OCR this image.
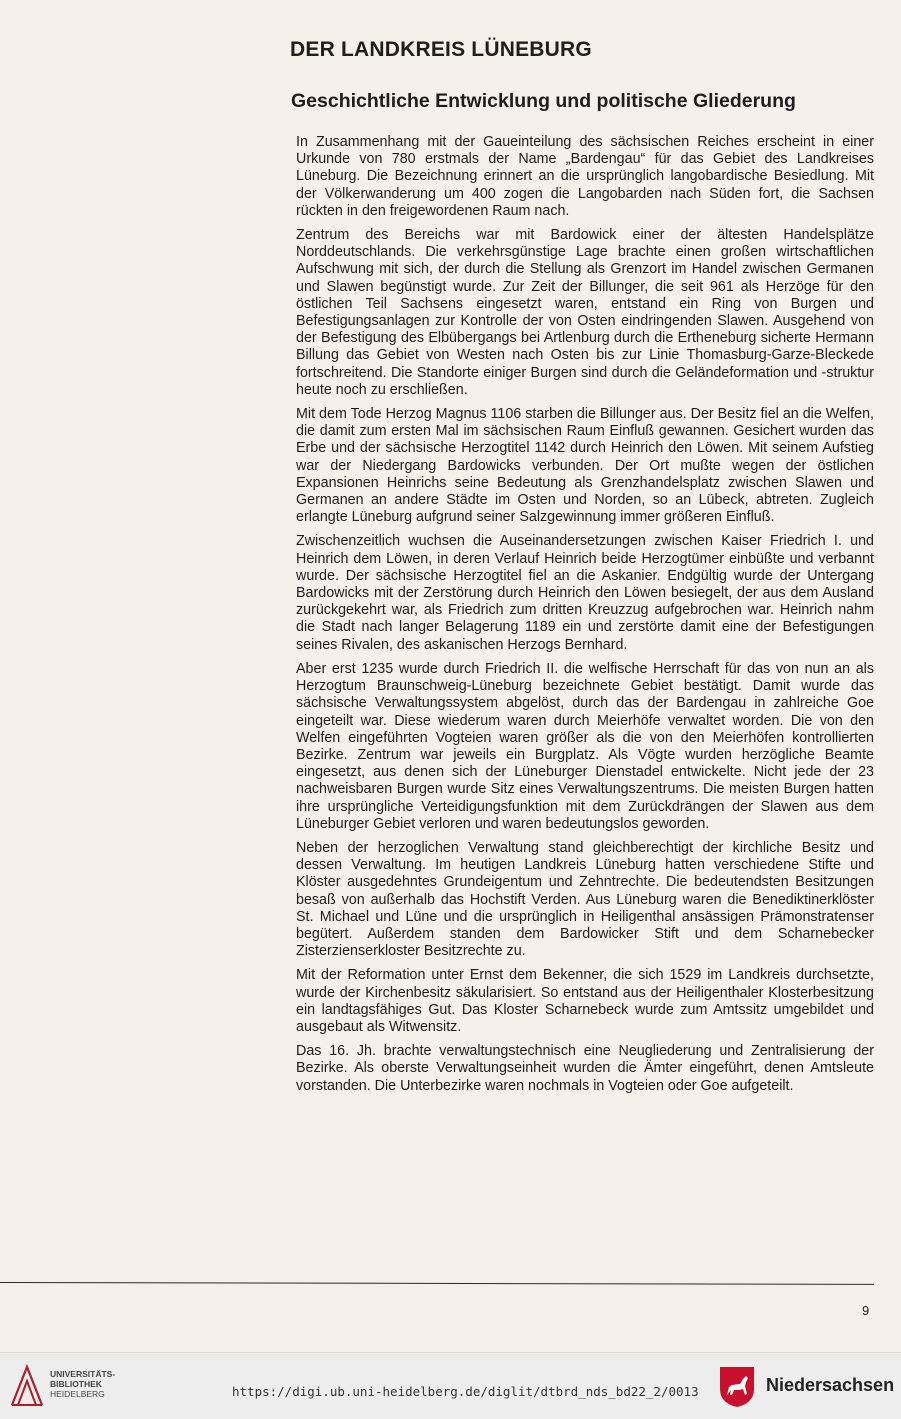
DER LANDKREIS LÜNEBURG
Geschichtliche Entwicklung und politische Gliederung

In Zusammenhang mit der Gaueinteilung des sächsischen Reiches erscheint in einer Urkunde von 780 erstmals der Name „Bardengau“ für das Gebiet des Landkreises Lüneburg. Die Bezeichnung erinnert an die ursprünglich langobardische Besiedlung. Mit der Völkerwanderung um 400 zogen die Langobarden nach Süden fort, die Sachsen rückten in den freigewordenen Raum nach.

Zentrum des Bereichs war mit Bardowick einer der ältesten Handelsplätze Norddeutschlands. Die verkehrsgünstige Lage brachte einen großen wirtschaftlichen Aufschwung mit sich, der durch die Stellung als Grenzort im Handel zwischen Germanen und Slawen begünstigt wurde. Zur Zeit der Billunger, die seit 961 als Herzöge für den östlichen Teil Sachsens eingesetzt waren, entstand ein Ring von Burgen und Befestigungsanlagen zur Kontrolle der von Osten eindringenden Slawen. Ausgehend von der Befestigung des Elbübergangs bei Artlenburg durch die Ertheneburg sicherte Hermann Billung das Gebiet von Westen nach Osten bis zur Linie Thomasburg-Garze-Bleckede fortschreitend. Die Standorte einiger Burgen sind durch die Geländeformation und -struktur heute noch zu erschließen.

Mit dem Tode Herzog Magnus 1106 starben die Billunger aus. Der Besitz fiel an die Welfen, die damit zum ersten Mal im sächsischen Raum Einfluß gewannen. Gesichert wurden das Erbe und der sächsische Herzogtitel 1142 durch Heinrich den Löwen. Mit seinem Aufstieg war der Niedergang Bardowicks verbunden. Der Ort mußte wegen der östlichen Expansionen Heinrichs seine Bedeutung als Grenzhandelsplatz zwischen Slawen und Germanen an andere Städte im Osten und Norden, so an Lübeck, abtreten. Zugleich erlangte Lüneburg aufgrund seiner Salzgewinnung immer größeren Einfluß.

Zwischenzeitlich wuchsen die Auseinandersetzungen zwischen Kaiser Friedrich I. und Heinrich dem Löwen, in deren Verlauf Heinrich beide Herzogtümer einbüßte und verbannt wurde. Der sächsische Herzogtitel fiel an die Askanier. Endgültig wurde der Untergang Bardowicks mit der Zerstörung durch Heinrich den Löwen besiegelt, der aus dem Ausland zurückgekehrt war, als Friedrich zum dritten Kreuzzug aufgebrochen war. Heinrich nahm die Stadt nach langer Belagerung 1189 ein und zerstörte damit eine der Befestigungen seines Rivalen, des askanischen Herzogs Bernhard.

Aber erst 1235 wurde durch Friedrich II. die welfische Herrschaft für das von nun an als Herzogtum Braunschweig-Lüneburg bezeichnete Gebiet bestätigt. Damit wurde das sächsische Verwaltungssystem abgelöst, durch das der Bardengau in zahlreiche Goe eingeteilt war. Diese wiederum waren durch Meierhöfe verwaltet worden. Die von den Welfen eingeführten Vogteien waren größer als die von den Meierhöfen kontrollierten Bezirke. Zentrum war jeweils ein Burgplatz. Als Vögte wurden herzögliche Beamte eingesetzt, aus denen sich der Lüneburger Dienstadel entwickelte. Nicht jede der 23 nachweisbaren Burgen wurde Sitz eines Verwaltungszentrums. Die meisten Burgen hatten ihre ursprüngliche Verteidigungsfunktion mit dem Zurückdrängen der Slawen aus dem Lüneburger Gebiet verloren und waren bedeutungslos geworden.

Neben der herzoglichen Verwaltung stand gleichberechtigt der kirchliche Besitz und dessen Verwaltung. Im heutigen Landkreis Lüneburg hatten verschiedene Stifte und Klöster ausgedehntes Grundeigentum und Zehntrechte. Die bedeutendsten Besitzungen besaß von außerhalb das Hochstift Verden. Aus Lüneburg waren die Benediktinerklöster St. Michael und Lüne und die ursprünglich in Heiligenthal ansässigen Prämonstratenser begütert. Außerdem standen dem Bardowicker Stift und dem Scharnebecker Zisterzienserkloster Besitzrechte zu.

Mit der Reformation unter Ernst dem Bekenner, die sich 1529 im Landkreis durchsetzte, wurde der Kirchenbesitz säkularisiert. So entstand aus der Heiligenthaler Klosterbesitzung ein landtagsfähiges Gut. Das Kloster Scharnebeck wurde zum Amtssitz umgebildet und ausgebaut als Witwensitz.

Das 16. Jh. brachte verwaltungstechnisch eine Neugliederung und Zentralisierung der Bezirke. Als oberste Verwaltungseinheit wurden die Ämter eingeführt, denen Amtsleute vorstanden. Die Unterbezirke waren nochmals in Vogteien oder Goe aufgeteilt.

9
UNIVERSITÄTS-
BIBLIOTHEK
HEIDELBERG	https://digi.ub.uni-heidelberg.de/diglit/dtbrd_nds_bd22_2/0013	Niedersachsen
